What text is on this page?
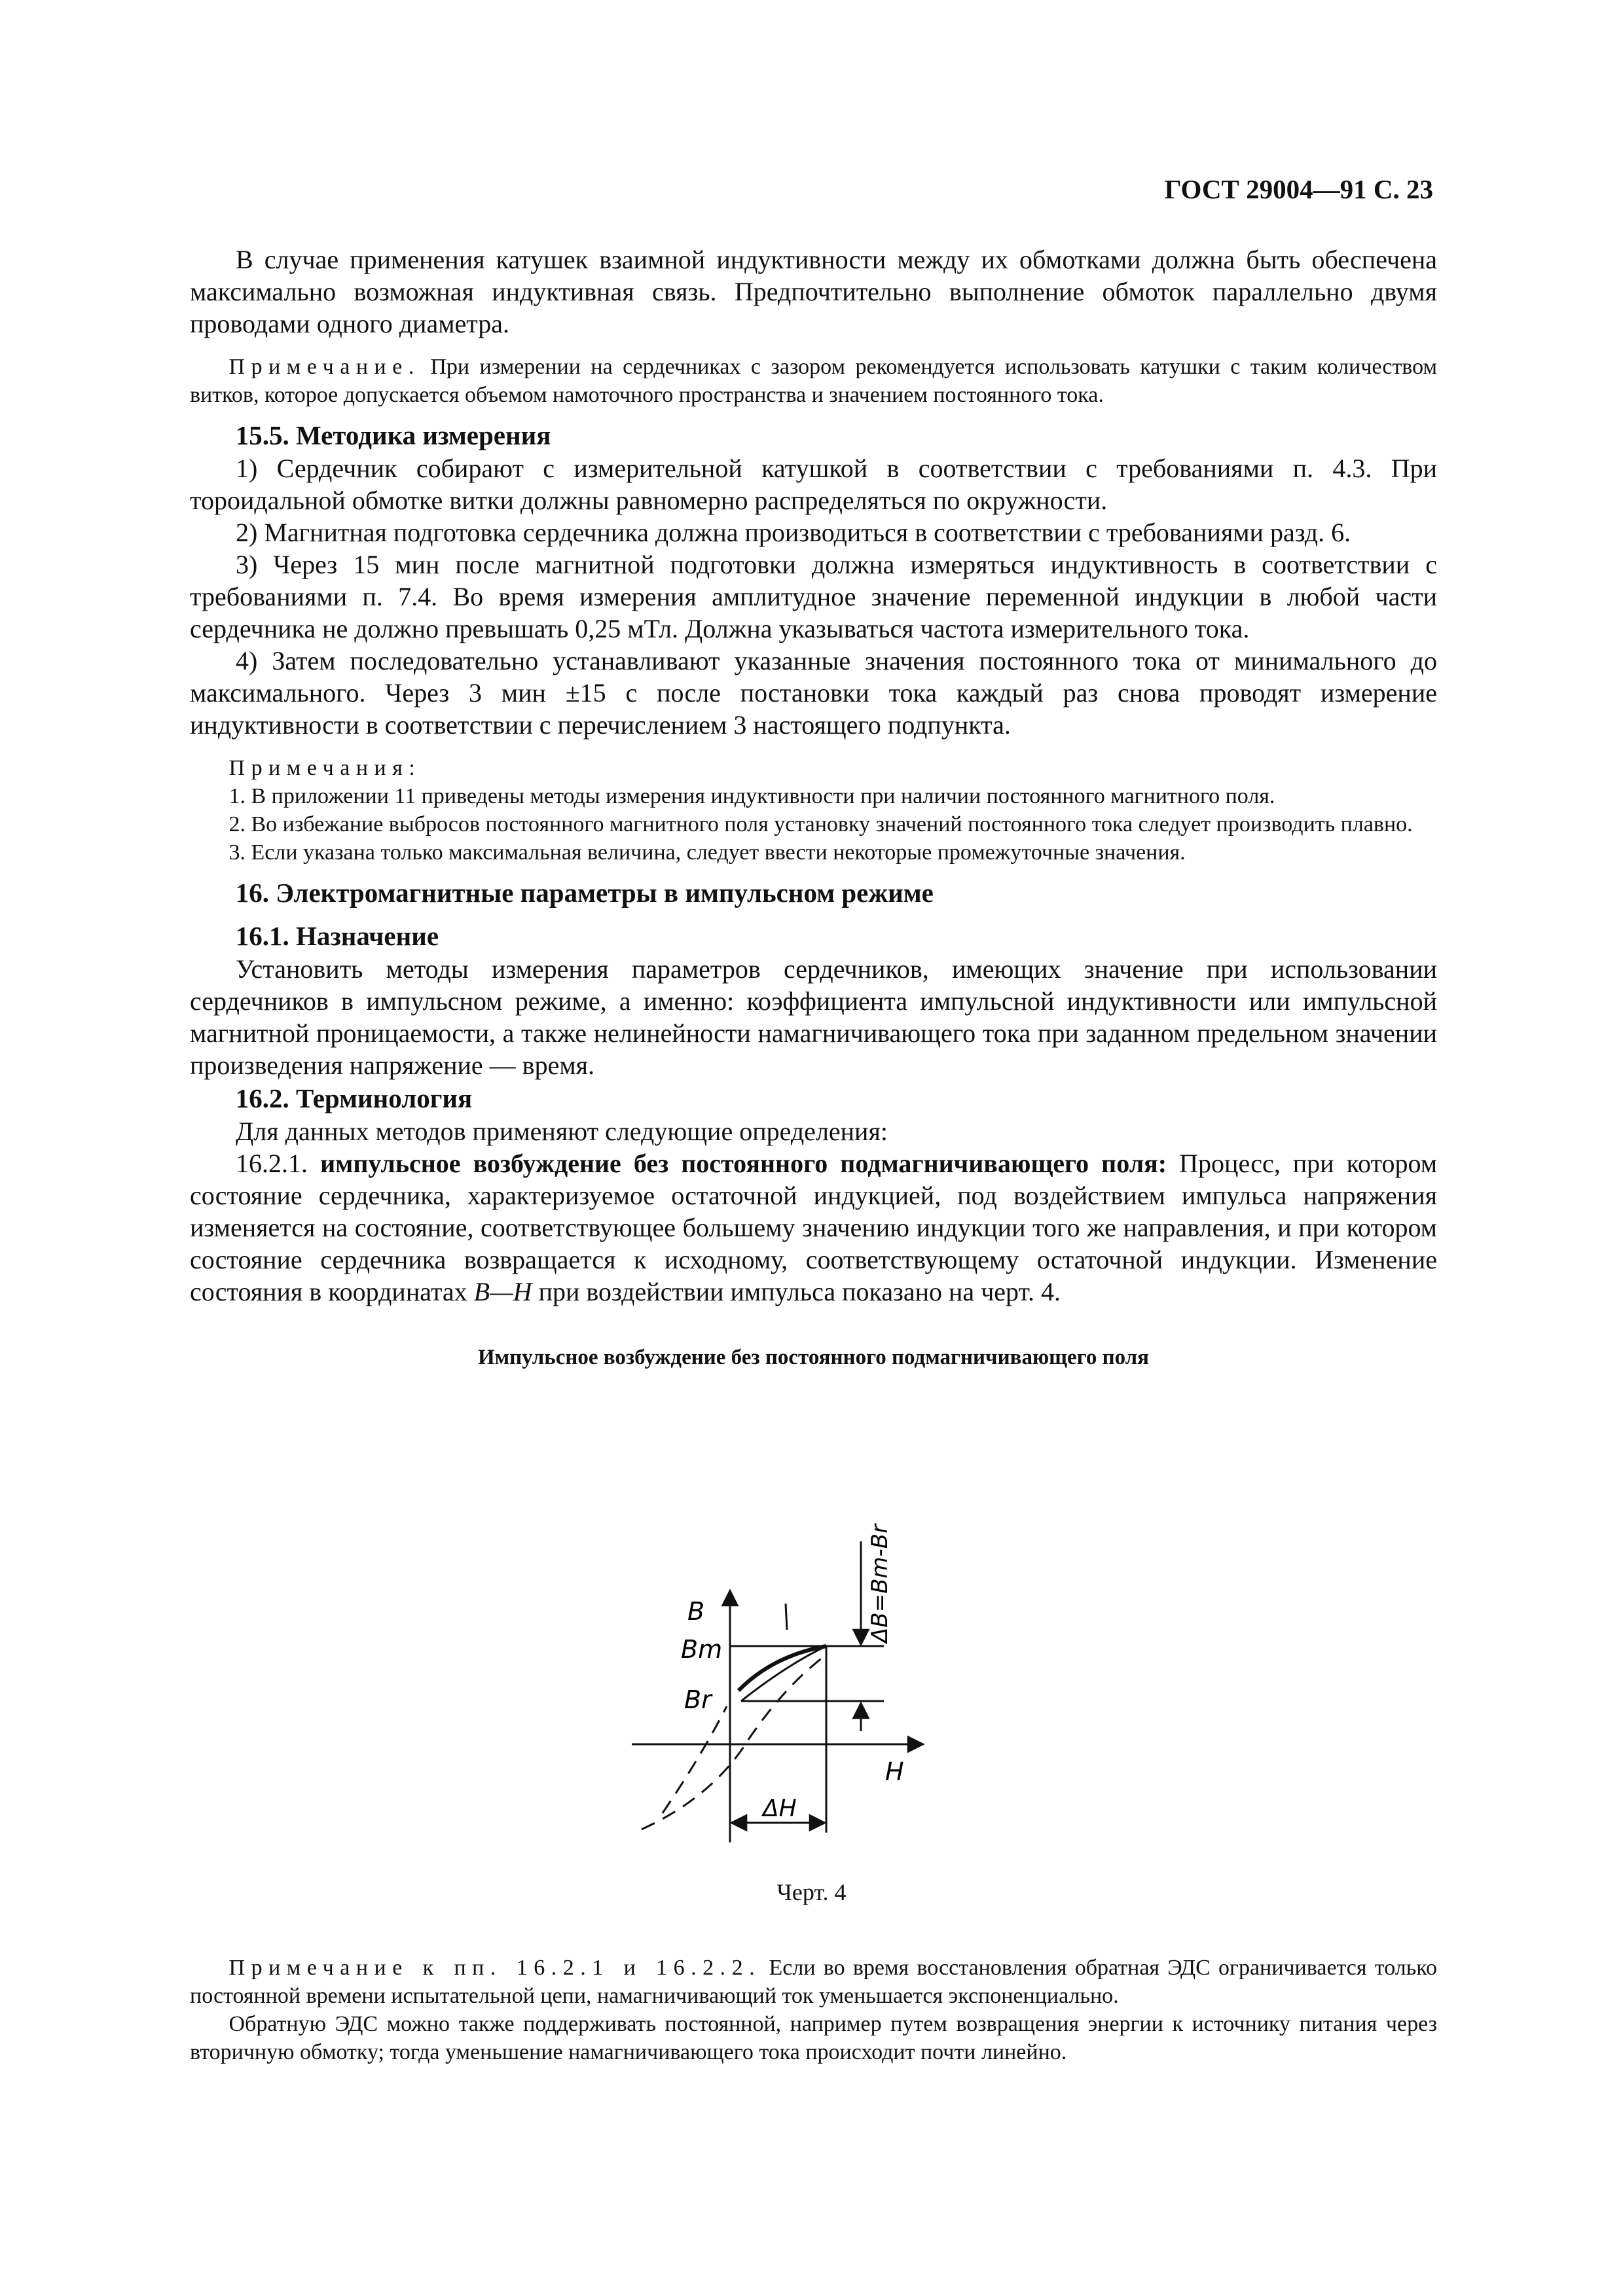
ГОСТ 29004—91 С. 23

В случае применения катушек взаимной индуктивности между их обмотками должна быть обеспечена максимально возможная индуктивная связь. Предпочтительно выполнение обмоток параллельно двумя проводами одного диаметра.

Примечание. При измерении на сердечниках с зазором рекомендуется использовать катушки с таким количеством витков, которое допускается объемом намоточного пространства и значением постоянного тока.

15.5. Методика измерения

1) Сердечник собирают с измерительной катушкой в соответствии с требованиями п. 4.3. При тороидальной обмотке витки должны равномерно распределяться по окружности.

2) Магнитная подготовка сердечника должна производиться в соответствии с требованиями разд. 6.

3) Через 15 мин после магнитной подготовки должна измеряться индуктивность в соответствии с требованиями п. 7.4. Во время измерения амплитудное значение переменной индукции в любой части сердечника не должно превышать 0,25 мТл. Должна указываться частота измерительного тока.

4) Затем последовательно устанавливают указанные значения постоянного тока от минимального до максимального. Через 3 мин ±15 с после постановки тока каждый раз снова проводят измерение индуктивности в соответствии с перечислением 3 настоящего подпункта.

Примечания:

1. В приложении 11 приведены методы измерения индуктивности при наличии постоянного магнитного поля.

2. Во избежание выбросов постоянного магнитного поля установку значений постоянного тока следует производить плавно.

3. Если указана только максимальная величина, следует ввести некоторые промежуточные значения.

16. Электромагнитные параметры в импульсном режиме
16.1. Назначение

Установить методы измерения параметров сердечников, имеющих значение при использовании сердечников в импульсном режиме, а именно: коэффициента импульсной индуктивности или импульсной магнитной проницаемости, а также нелинейности намагничивающего тока при заданном предельном значении произведения напряжение — время.

16.2. Терминология

Для данных методов применяют следующие определения:

16.2.1. импульсное возбуждение без постоянного подмагничивающего поля: Процесс, при котором состояние сердечника, характеризуемое остаточной индукцией, под воздействием импульса напряжения изменяется на состояние, соответствующее большему значению индукции того же направления, и при котором состояние сердечника возвращается к исходному, соответствующему остаточной индукции. Изменение состояния в координатах B—H при воздействии импульса показано на черт. 4.

Импульсное возбуждение без постоянного подмагничивающего поля
B
Bm
Br
H
ΔH
ΔB=Bm-Br
Черт. 4

Примечание к пп. 16.2.1 и 16.2.2. Если во время восстановления обратная ЭДС ограничивается только постоянной времени испытательной цепи, намагничивающий ток уменьшается экспоненциально.

Обратную ЭДС можно также поддерживать постоянной, например путем возвращения энергии к источнику питания через вторичную обмотку; тогда уменьшение намагничивающего тока происходит почти линейно.
